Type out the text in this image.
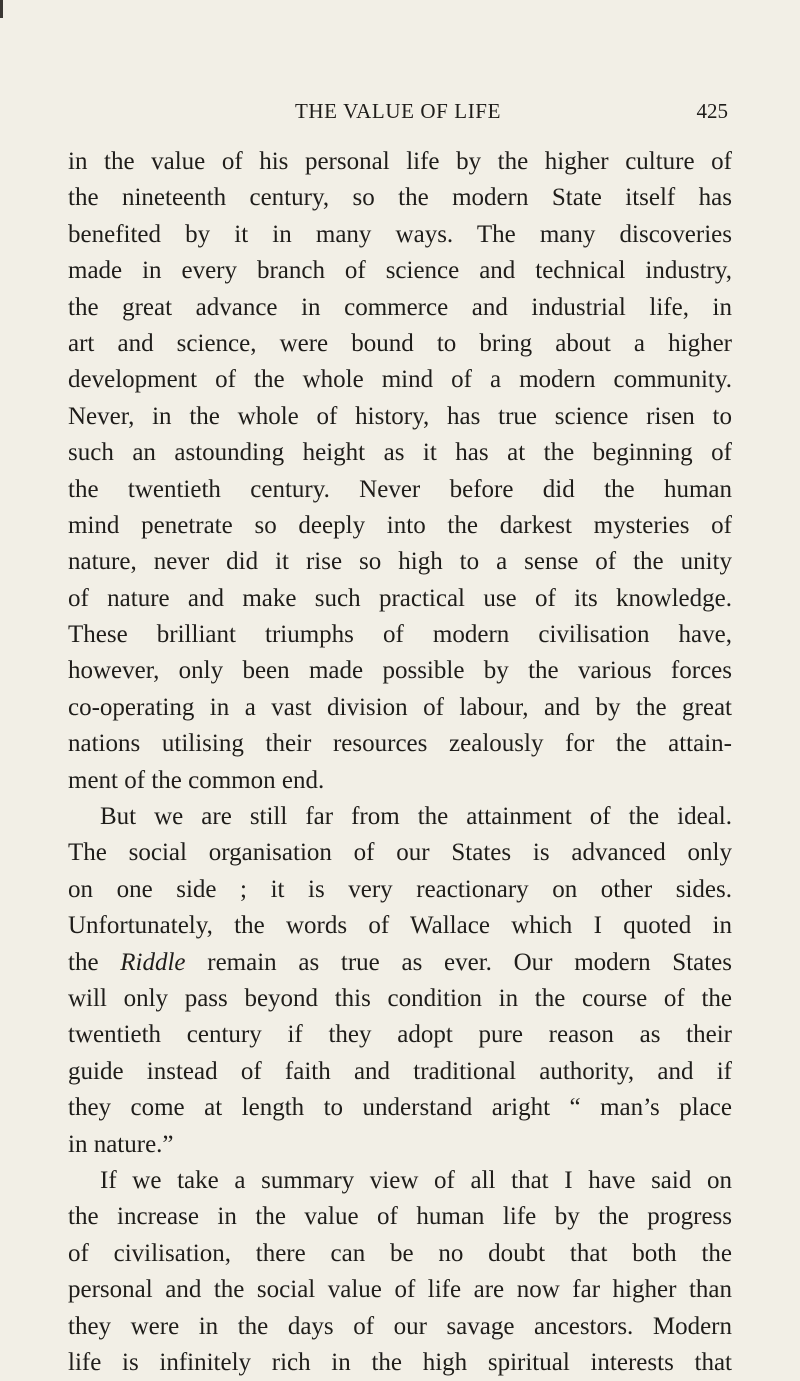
THE VALUE OF LIFE	425
in the value of his personal life by the higher culture of
the nineteenth century, so the modern State itself has
benefited by it in many ways. The many discoveries
made in every branch of science and technical industry,
the great advance in commerce and industrial life, in
art and science, were bound to bring about a higher
development of the whole mind of a modern community.
Never, in the whole of history, has true science risen to
such an astounding height as it has at the beginning of
the twentieth century. Never before did the human
mind penetrate so deeply into the darkest mysteries of
nature, never did it rise so high to a sense of the unity
of nature and make such practical use of its knowledge.
These brilliant triumphs of modern civilisation have,
however, only been made possible by the various forces
co-operating in a vast division of labour, and by the great
nations utilising their resources zealously for the attain-
ment of the common end.
But we are still far from the attainment of the ideal.
The social organisation of our States is advanced only
on one side ; it is very reactionary on other sides.
Unfortunately, the words of Wallace which I quoted in
the Riddle remain as true as ever. Our modern States
will only pass beyond this condition in the course of the
twentieth century if they adopt pure reason as their
guide instead of faith and traditional authority, and if
they come at length to understand aright “ man’s place
in nature.”
If we take a summary view of all that I have said on
the increase in the value of human life by the progress
of civilisation, there can be no doubt that both the
personal and the social value of life are now far higher than
they were in the days of our savage ancestors. Modern
life is infinitely rich in the high spiritual interests that
